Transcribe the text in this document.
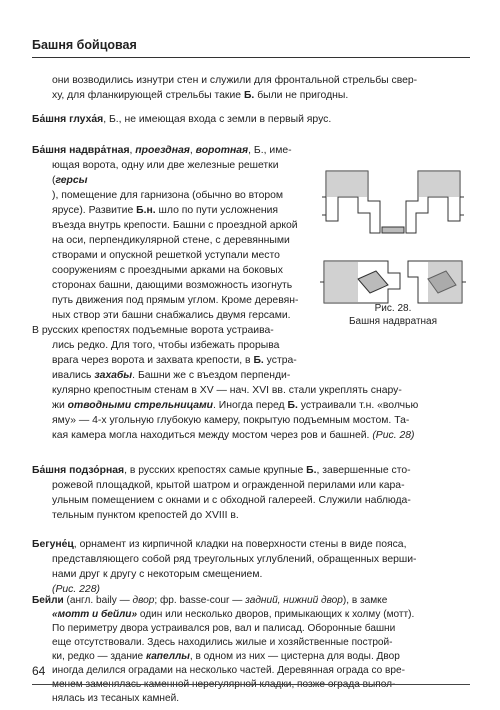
Башня бойцовая

они возводились изнутри стен и служили для фронтальной стрельбы свер-
ху, для фланкирующей стрельбы такие Б. были не пригодны.

Ба́шня глуха́я, Б., не имеющая входа с земли в первый ярус.

Ба́шня надвра́тная, проездная, воротная, Б., име-
ющая ворота, одну или две железные решетки (герсы
), помещение для гарнизона (обычно во втором
ярусе). Развитие Б.н. шло по пути усложнения
въезда внутрь крепости. Башни с проездной аркой
на оси, перпендикулярной стене, с деревянными
створами и опускной решеткой уступали место
сооружениям с проездными арками на боковых
сторонах башни, дающими возможность изогнуть
путь движения под прямым углом. Кроме деревян-
ных створ эти башни снабжались двумя герсами.
В русских крепостях подъемные ворота устраива-
лись редко. Для того, чтобы избежать прорыва
врага через ворота и захвата крепости, в Б. устра-
ивались захабы. Башни же с въездом перпенди-

кулярно крепостным стенам в XV — нач. XVI вв. стали укреплять снару-
жи отводными стрельницами. Иногда перед Б. устраивали т.н. «волчью
яму» — 4-х угольную глубокую камеру, покрытую подъемным мостом. Та-
кая камера могла находиться между мостом через ров и башней. (Рис. 28)

Рис. 28.
Башня надвратная

Ба́шня подзо́рная, в русских крепостях самые крупные Б., завершенные сто-
рожевой площадкой, крытой шатром и огражденной перилами или кара-
ульным помещением с окнами и с обходной галереей. Служили наблюда-
тельным пунктом крепостей до XVIII в.

Бегуне́ц, орнамент из кирпичной кладки на поверхности стены в виде пояса,
представляющего собой ряд треугольных углублений, обращенных верши-
нами друг к другу с некоторым смещением.
(Рис. 228)

Бейли (англ. baily — двор; фр. basse-cour — задний, нижний двор), в замке
«мотт и бейли» один или несколько дворов, примыкающих к холму (мотт).
По периметру двора устраивался ров, вал и палисад. Оборонные башни
еще отсутствовали. Здесь находились жилые и хозяйственные построй-
ки, редко — здание капеллы, в одном из них — цистерна для воды. Двор
иногда делился оградами на несколько частей. Деревянная ограда со вре-
менем заменялась каменной нерегулярной кладки, позже ограда выпол-
нялась из тесаных камней.

64
